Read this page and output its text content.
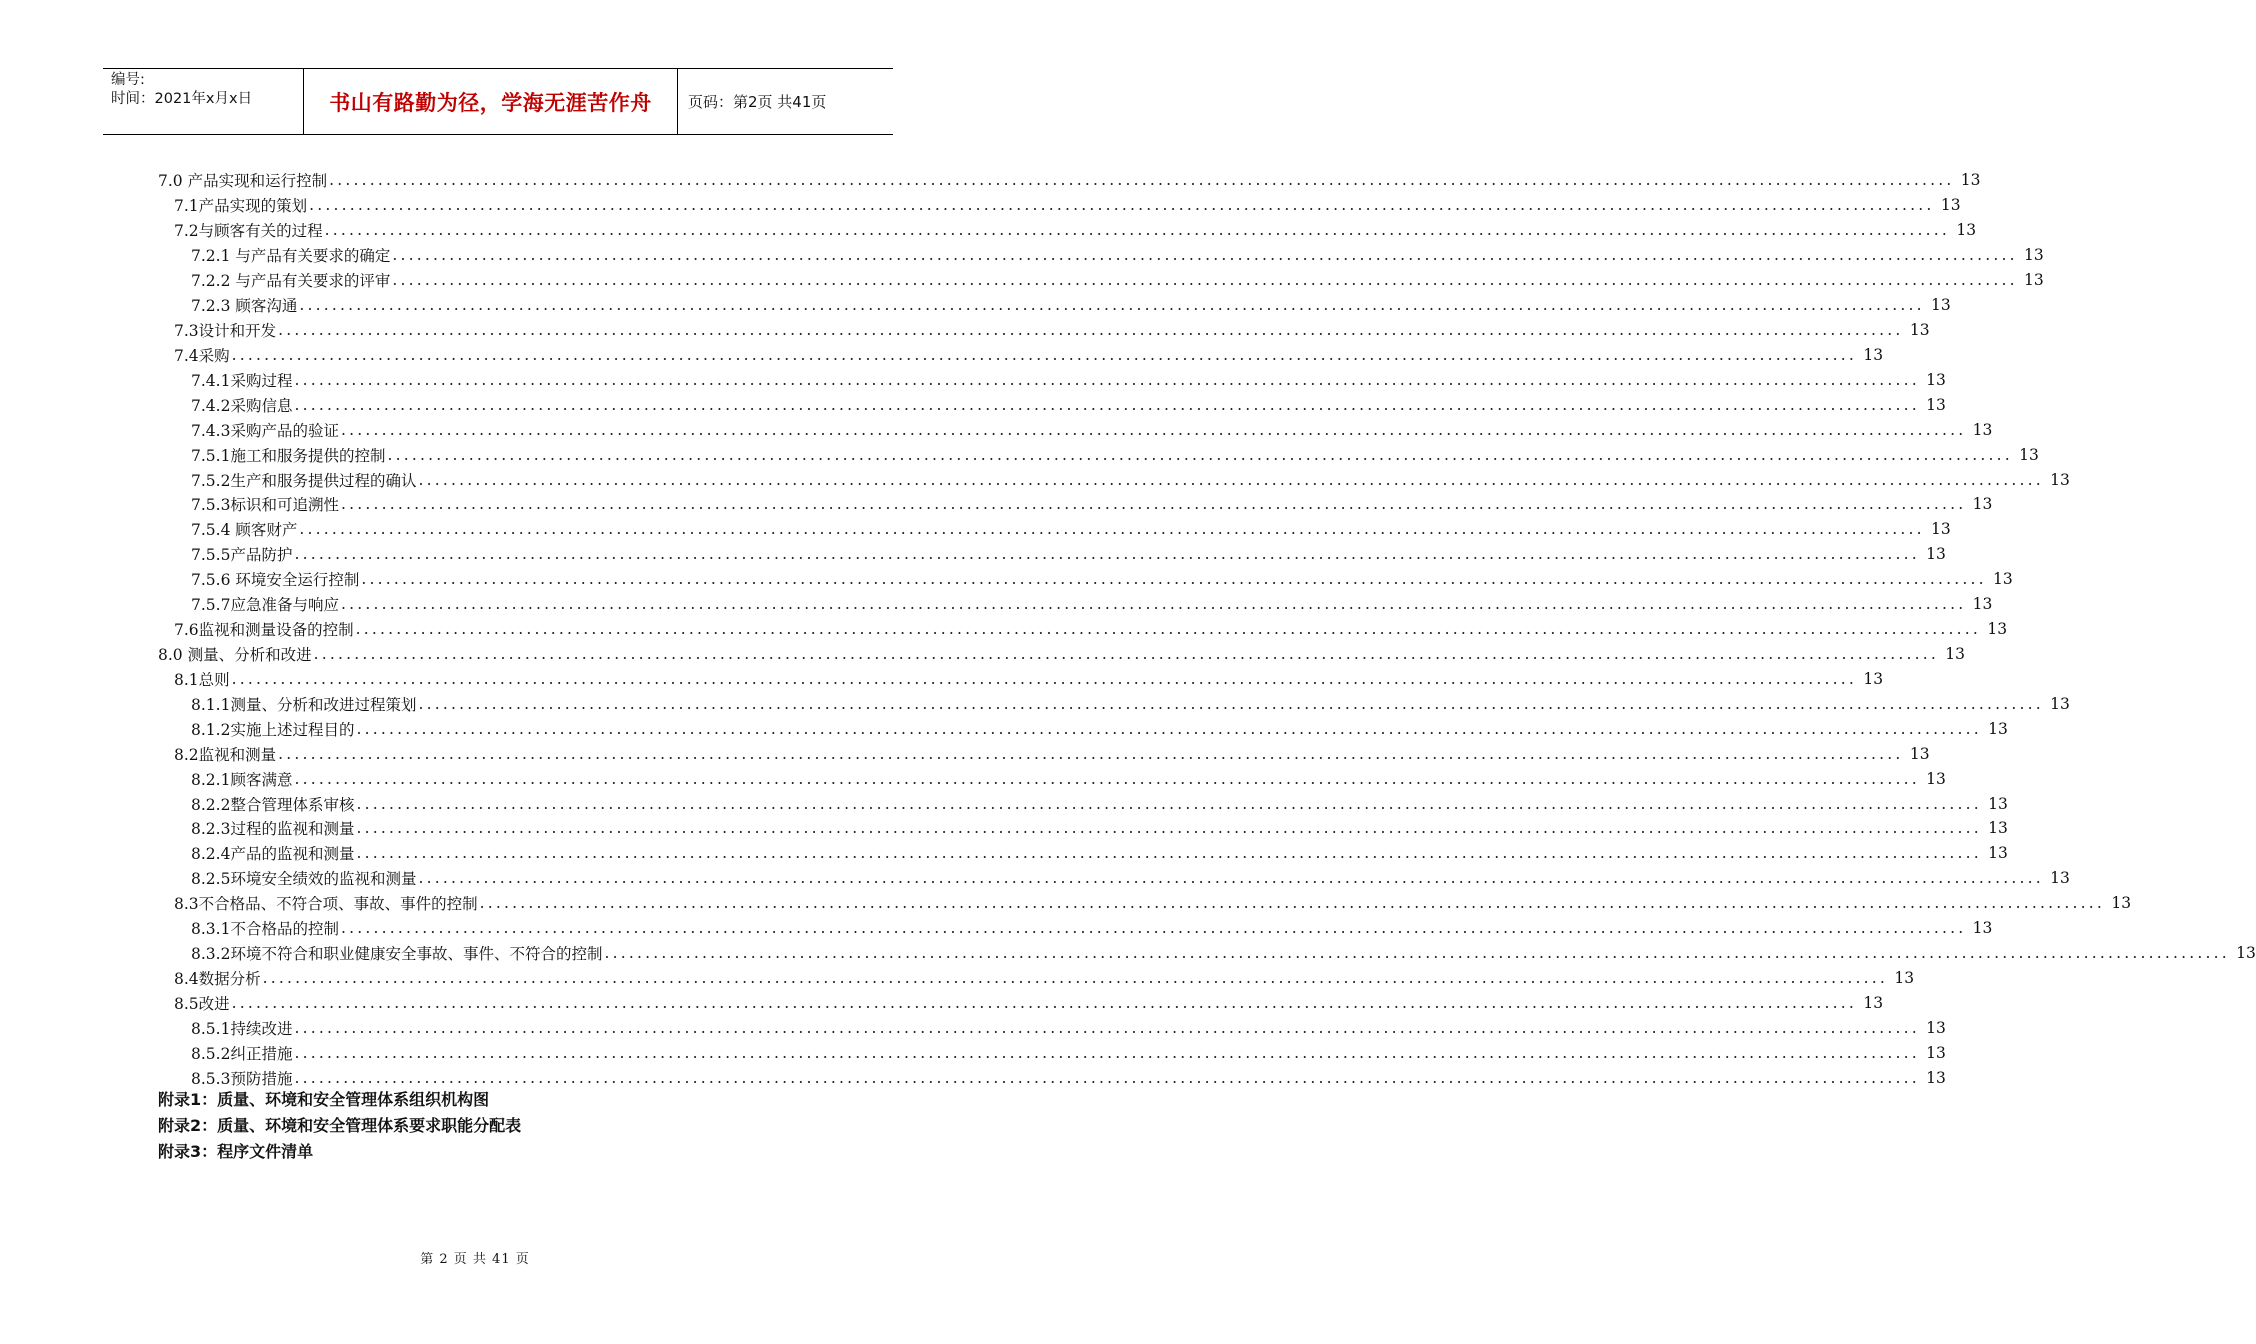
编号:
时间：2021年x月x日	书山有路勤为径，学海无涯苦作舟	页码：第2页 共41页
7.0 产品实现和运行控制 ........................................................................................................................................................................................................ 13
7.1产品实现的策划 ........................................................................................................................................................................................................ 13
7.2与顾客有关的过程 ........................................................................................................................................................................................................ 13
7.2.1 与产品有关要求的确定 ........................................................................................................................................................................................................ 13
7.2.2 与产品有关要求的评审 ........................................................................................................................................................................................................ 13
7.2.3 顾客沟通 ........................................................................................................................................................................................................ 13
7.3设计和开发 ........................................................................................................................................................................................................ 13
7.4采购 ........................................................................................................................................................................................................ 13
7.4.1采购过程 ........................................................................................................................................................................................................ 13
7.4.2采购信息 ........................................................................................................................................................................................................ 13
7.4.3采购产品的验证 ........................................................................................................................................................................................................ 13
7.5.1施工和服务提供的控制 ........................................................................................................................................................................................................ 13
7.5.2生产和服务提供过程的确认 ........................................................................................................................................................................................................ 13
7.5.3标识和可追溯性 ........................................................................................................................................................................................................ 13
7.5.4 顾客财产 ........................................................................................................................................................................................................ 13
7.5.5产品防护 ........................................................................................................................................................................................................ 13
7.5.6 环境安全运行控制 ........................................................................................................................................................................................................ 13
7.5.7应急准备与响应 ........................................................................................................................................................................................................ 13
7.6监视和测量设备的控制 ........................................................................................................................................................................................................ 13
8.0 测量、分析和改进 ........................................................................................................................................................................................................ 13
8.1总则 ........................................................................................................................................................................................................ 13
8.1.1测量、分析和改进过程策划 ........................................................................................................................................................................................................ 13
8.1.2实施上述过程目的 ........................................................................................................................................................................................................ 13
8.2监视和测量 ........................................................................................................................................................................................................ 13
8.2.1顾客满意 ........................................................................................................................................................................................................ 13
8.2.2整合管理体系审核 ........................................................................................................................................................................................................ 13
8.2.3过程的监视和测量 ........................................................................................................................................................................................................ 13
8.2.4产品的监视和测量 ........................................................................................................................................................................................................ 13
8.2.5环境安全绩效的监视和测量 ........................................................................................................................................................................................................ 13
8.3不合格品、不符合项、事故、事件的控制 ........................................................................................................................................................................................................ 13
8.3.1不合格品的控制 ........................................................................................................................................................................................................ 13
8.3.2环境不符合和职业健康安全事故、事件、不符合的控制 ........................................................................................................................................................................................................ 13
8.4数据分析 ........................................................................................................................................................................................................ 13
8.5改进 ........................................................................................................................................................................................................ 13
8.5.1持续改进 ........................................................................................................................................................................................................ 13
8.5.2纠正措施 ........................................................................................................................................................................................................ 13
8.5.3预防措施 ........................................................................................................................................................................................................ 13
附录1：质量、环境和安全管理体系组织机构图
附录2：质量、环境和安全管理体系要求职能分配表
附录3：程序文件清单
第 2 页 共 41 页
